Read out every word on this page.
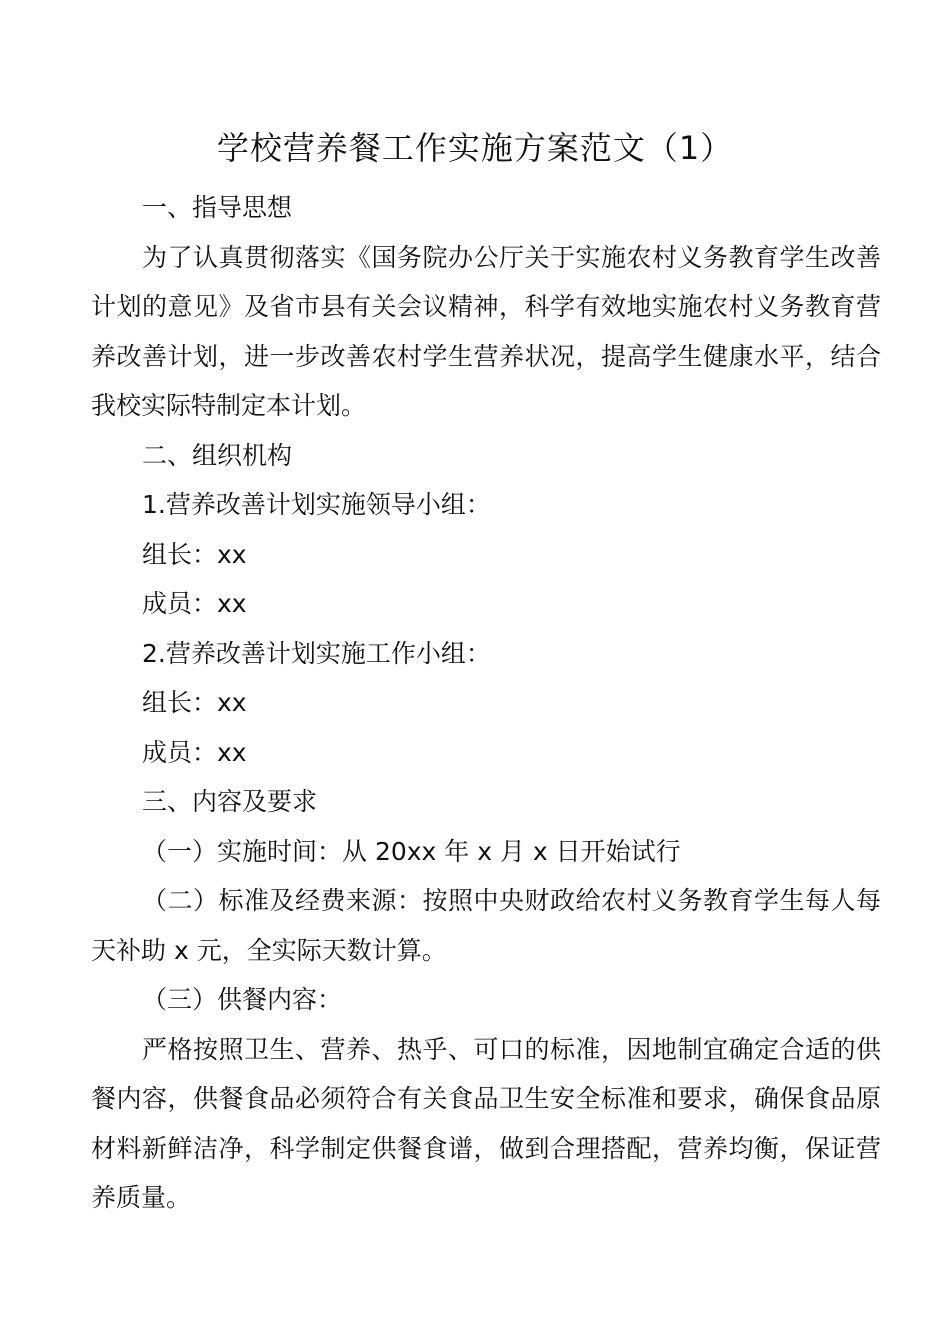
学校营养餐工作实施方案范文（1）

一、指导思想

为了认真贯彻落实《国务院办公厅关于实施农村义务教育学生改善计划的意见》及省市县有关会议精神，科学有效地实施农村义务教育营养改善计划，进一步改善农村学生营养状况，提高学生健康水平，结合我校实际特制定本计划。

二、组织机构

1.营养改善计划实施领导小组：

组长：xx

成员：xx

2.营养改善计划实施工作小组：

组长：xx

成员：xx

三、内容及要求

（一）实施时间：从 20xx 年 x 月 x 日开始试行

（二）标准及经费来源：按照中央财政给农村义务教育学生每人每天补助 x 元，全实际天数计算。

（三）供餐内容：

严格按照卫生、营养、热乎、可口的标准，因地制宜确定合适的供餐内容，供餐食品必须符合有关食品卫生安全标准和要求，确保食品原材料新鲜洁净，科学制定供餐食谱，做到合理搭配，营养均衡，保证营养质量。
